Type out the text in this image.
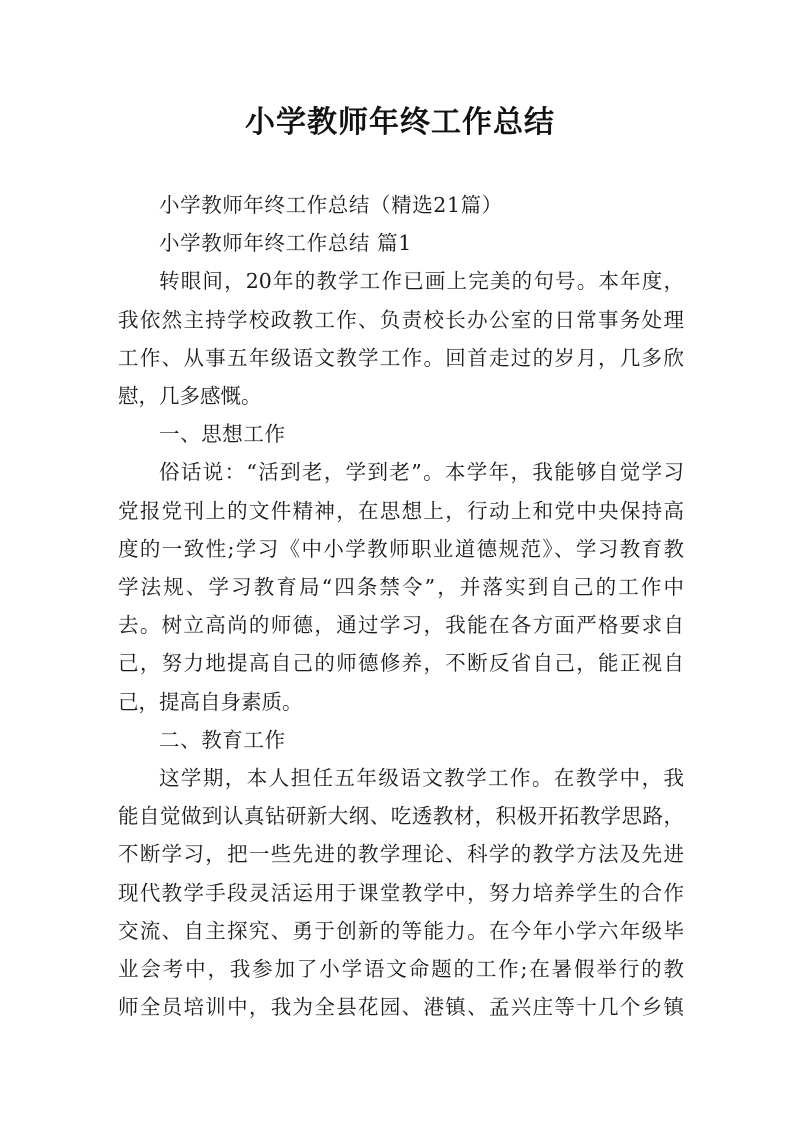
小学教师年终工作总结
小学教师年终工作总结（精选21篇）
小学教师年终工作总结 篇1
转眼间，20年的教学工作已画上完美的句号。本年度，
我依然主持学校政教工作、负责校长办公室的日常事务处理
工作、从事五年级语文教学工作。回首走过的岁月，几多欣
慰，几多感慨。
一、思想工作
俗话说：“活到老，学到老”。本学年，我能够自觉学习
党报党刊上的文件精神，在思想上，行动上和党中央保持高
度的一致性;学习《中小学教师职业道德规范》、学习教育教
学法规、学习教育局“四条禁令”，并落实到自己的工作中
去。树立高尚的师德，通过学习，我能在各方面严格要求自
己，努力地提高自己的师德修养，不断反省自己，能正视自
己，提高自身素质。
二、教育工作
这学期，本人担任五年级语文教学工作。在教学中，我
能自觉做到认真钻研新大纲、吃透教材，积极开拓教学思路，
不断学习，把一些先进的教学理论、科学的教学方法及先进
现代教学手段灵活运用于课堂教学中，努力培养学生的合作
交流、自主探究、勇于创新的等能力。在今年小学六年级毕
业会考中，我参加了小学语文命题的工作;在暑假举行的教
师全员培训中，我为全县花园、港镇、孟兴庄等十几个乡镇
